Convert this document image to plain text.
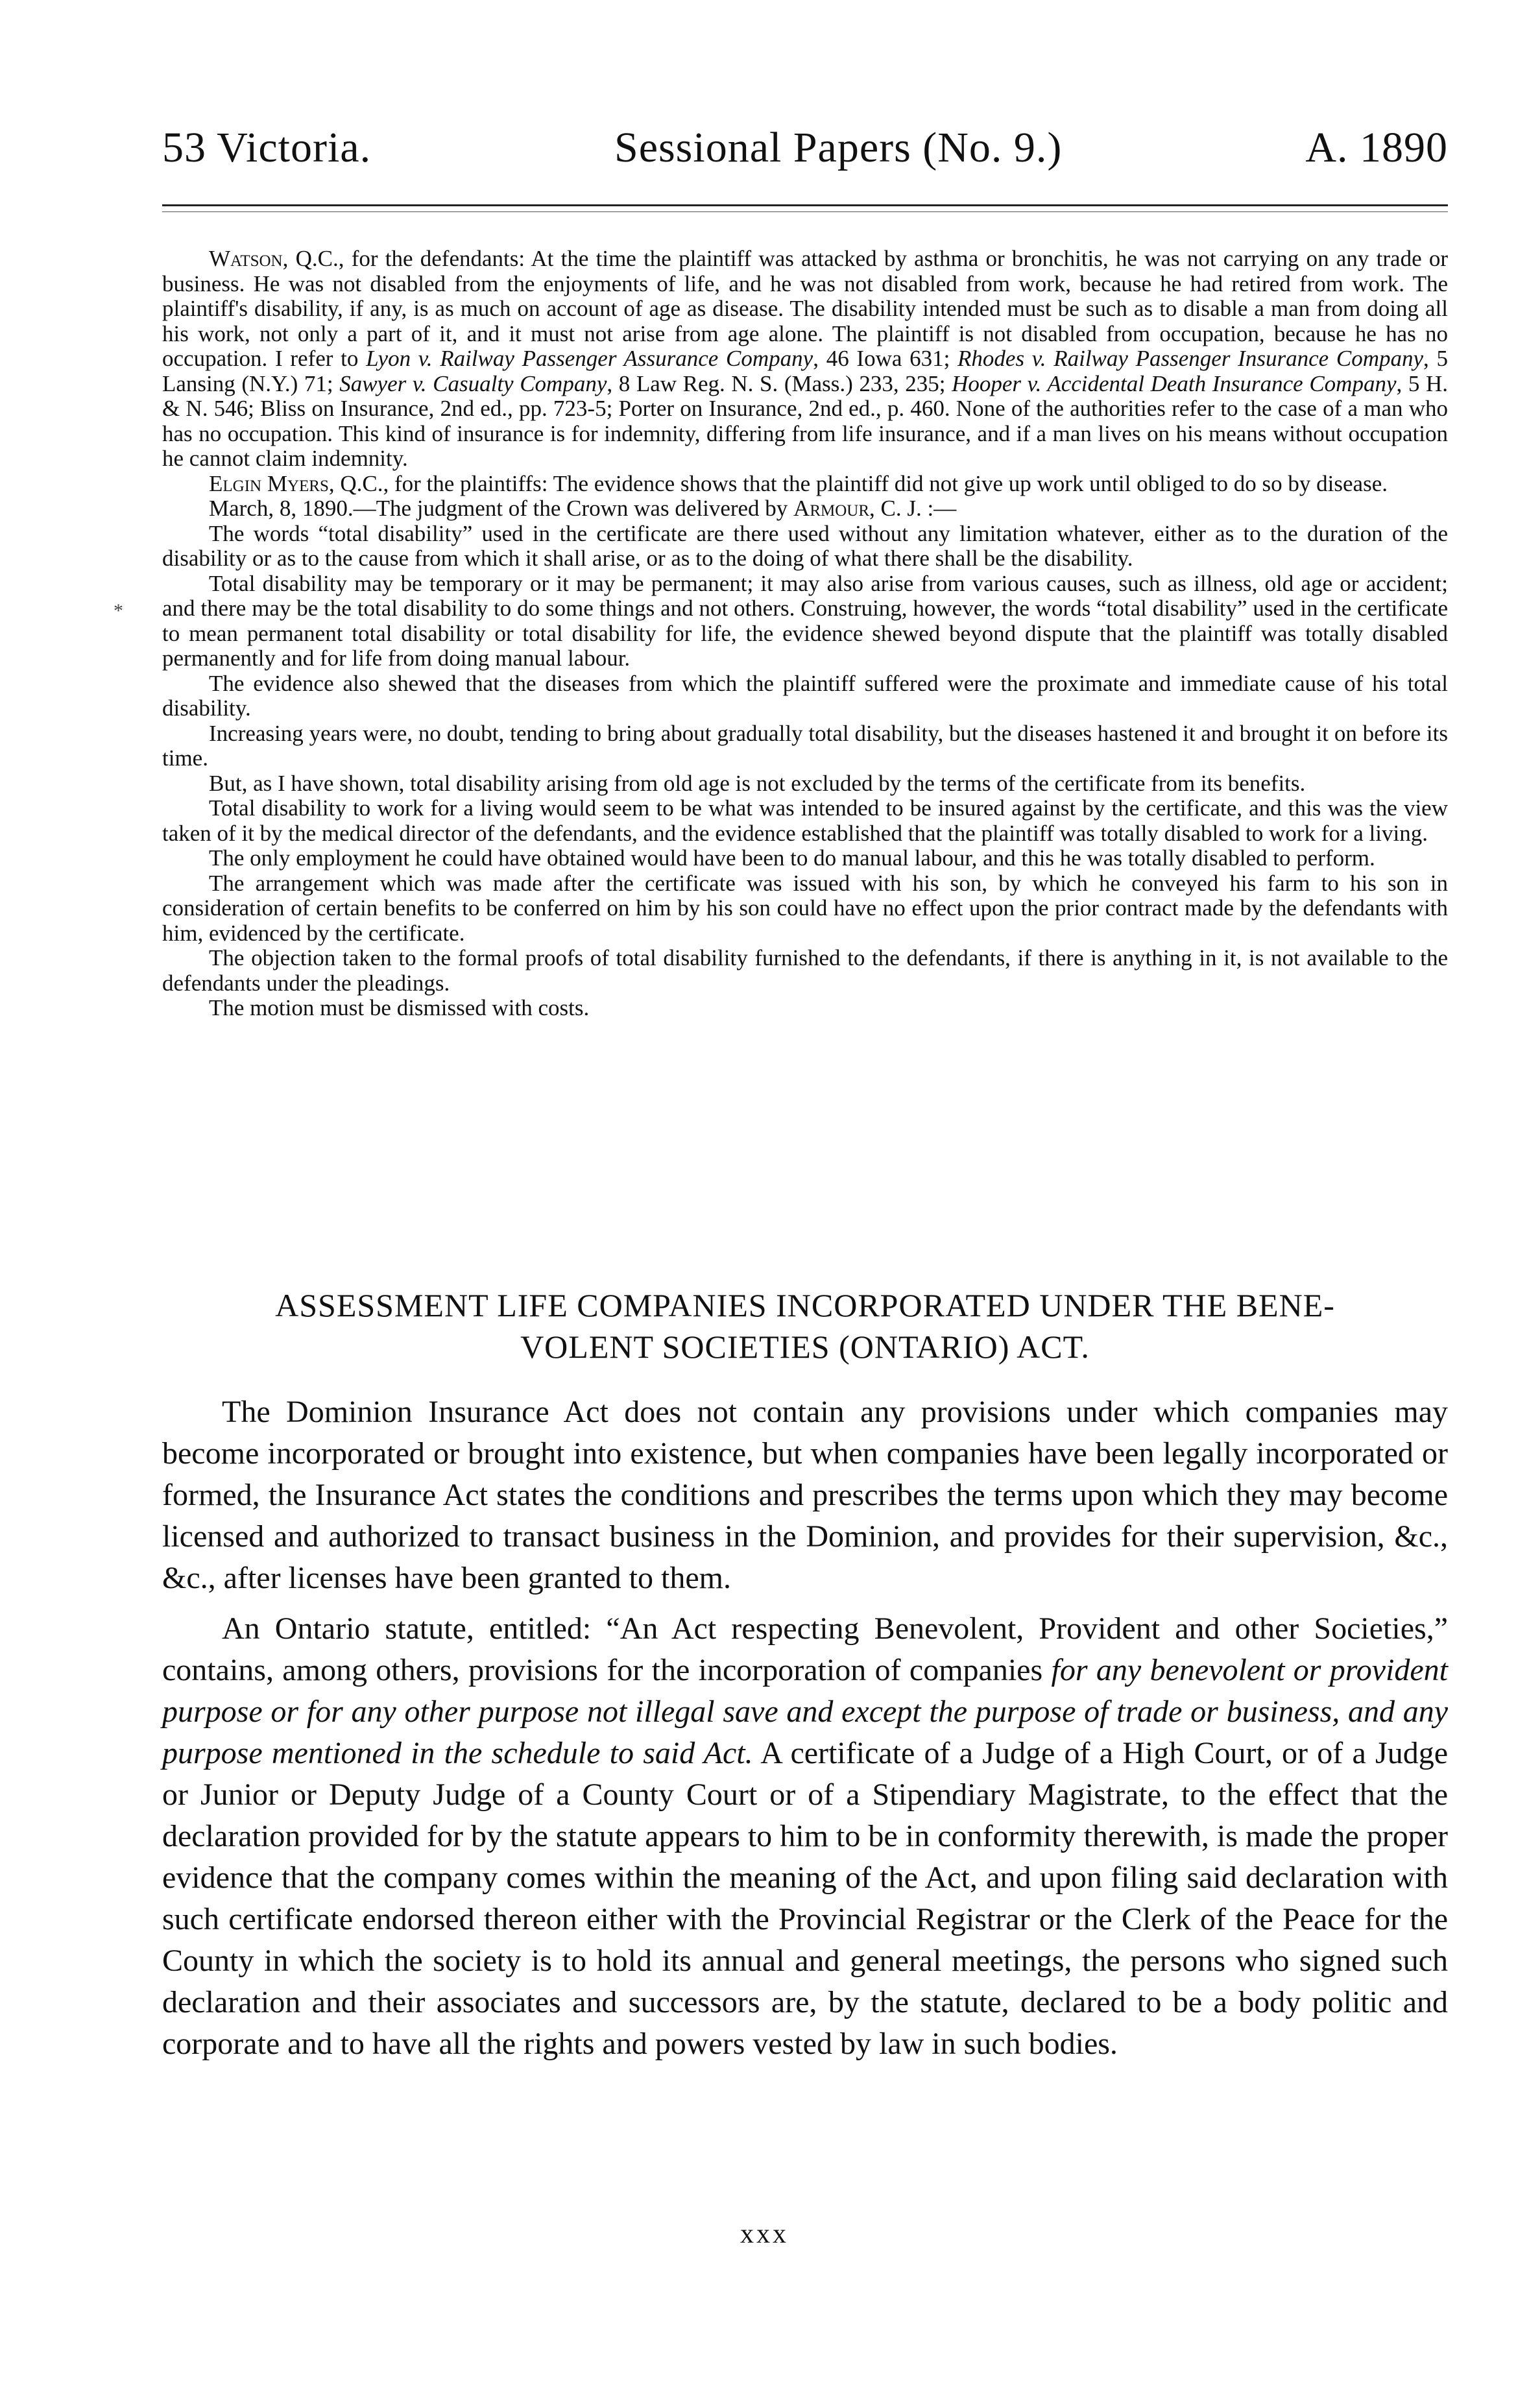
53 Victoria.	Sessional Papers (No. 9.)	A. 1890
*

Watson, Q.C., for the defendants: At the time the plaintiff was attacked by asthma or bronchitis, he was not carrying on any trade or business. He was not disabled from the enjoyments of life, and he was not disabled from work, because he had retired from work. The plaintiff's disability, if any, is as much on account of age as disease. The disability intended must be such as to disable a man from doing all his work, not only a part of it, and it must not arise from age alone. The plaintiff is not disabled from occupation, because he has no occupation. I refer to Lyon v. Railway Passenger Assurance Company, 46 Iowa 631; Rhodes v. Railway Passenger Insurance Company, 5 Lansing (N.Y.) 71; Sawyer v. Casualty Company, 8 Law Reg. N. S. (Mass.) 233, 235; Hooper v. Accidental Death Insurance Company, 5 H. & N. 546; Bliss on Insurance, 2nd ed., pp. 723-5; Porter on Insurance, 2nd ed., p. 460. None of the authorities refer to the case of a man who has no occupation. This kind of insurance is for indemnity, differing from life insurance, and if a man lives on his means without occupation he cannot claim indemnity.

Elgin Myers, Q.C., for the plaintiffs: The evidence shows that the plaintiff did not give up work until obliged to do so by disease.

March, 8, 1890.—The judgment of the Crown was delivered by Armour, C. J. :—

The words “total disability” used in the certificate are there used without any limitation whatever, either as to the duration of the disability or as to the cause from which it shall arise, or as to the doing of what there shall be the disability.

Total disability may be temporary or it may be permanent; it may also arise from various causes, such as illness, old age or accident; and there may be the total disability to do some things and not others. Construing, however, the words “total disability” used in the certificate to mean permanent total disability or total disability for life, the evidence shewed beyond dispute that the plaintiff was totally disabled permanently and for life from doing manual labour.

The evidence also shewed that the diseases from which the plaintiff suffered were the proximate and immediate cause of his total disability.

Increasing years were, no doubt, tending to bring about gradually total disability, but the diseases hastened it and brought it on before its time.

But, as I have shown, total disability arising from old age is not excluded by the terms of the certificate from its benefits.

Total disability to work for a living would seem to be what was intended to be insured against by the certificate, and this was the view taken of it by the medical director of the defendants, and the evidence established that the plaintiff was totally disabled to work for a living.

The only employment he could have obtained would have been to do manual labour, and this he was totally disabled to perform.

The arrangement which was made after the certificate was issued with his son, by which he conveyed his farm to his son in consideration of certain benefits to be conferred on him by his son could have no effect upon the prior contract made by the defendants with him, evidenced by the certificate.

The objection taken to the formal proofs of total disability furnished to the defendants, if there is anything in it, is not available to the defendants under the pleadings.

The motion must be dismissed with costs.

ASSESSMENT LIFE COMPANIES INCORPORATED UNDER THE BENE-
VOLENT SOCIETIES (ONTARIO) ACT.

The Dominion Insurance Act does not contain any provisions under which companies may become incorporated or brought into existence, but when companies have been legally incorporated or formed, the Insurance Act states the conditions and prescribes the terms upon which they may become licensed and authorized to transact business in the Dominion, and provides for their supervision, &c., &c., after licenses have been granted to them.

An Ontario statute, entitled: “An Act respecting Benevolent, Provident and other Societies,” contains, among others, provisions for the incorporation of companies for any benevolent or provident purpose or for any other purpose not illegal save and except the purpose of trade or business, and any purpose mentioned in the schedule to said Act. A certificate of a Judge of a High Court, or of a Judge or Junior or Deputy Judge of a County Court or of a Stipendiary Magistrate, to the effect that the declaration provided for by the statute appears to him to be in conformity therewith, is made the proper evidence that the company comes within the meaning of the Act, and upon filing said declaration with such certificate endorsed thereon either with the Provincial Registrar or the Clerk of the Peace for the County in which the society is to hold its annual and general meetings, the persons who signed such declaration and their associates and successors are, by the statute, declared to be a body politic and corporate and to have all the rights and powers vested by law in such bodies.

xxx
